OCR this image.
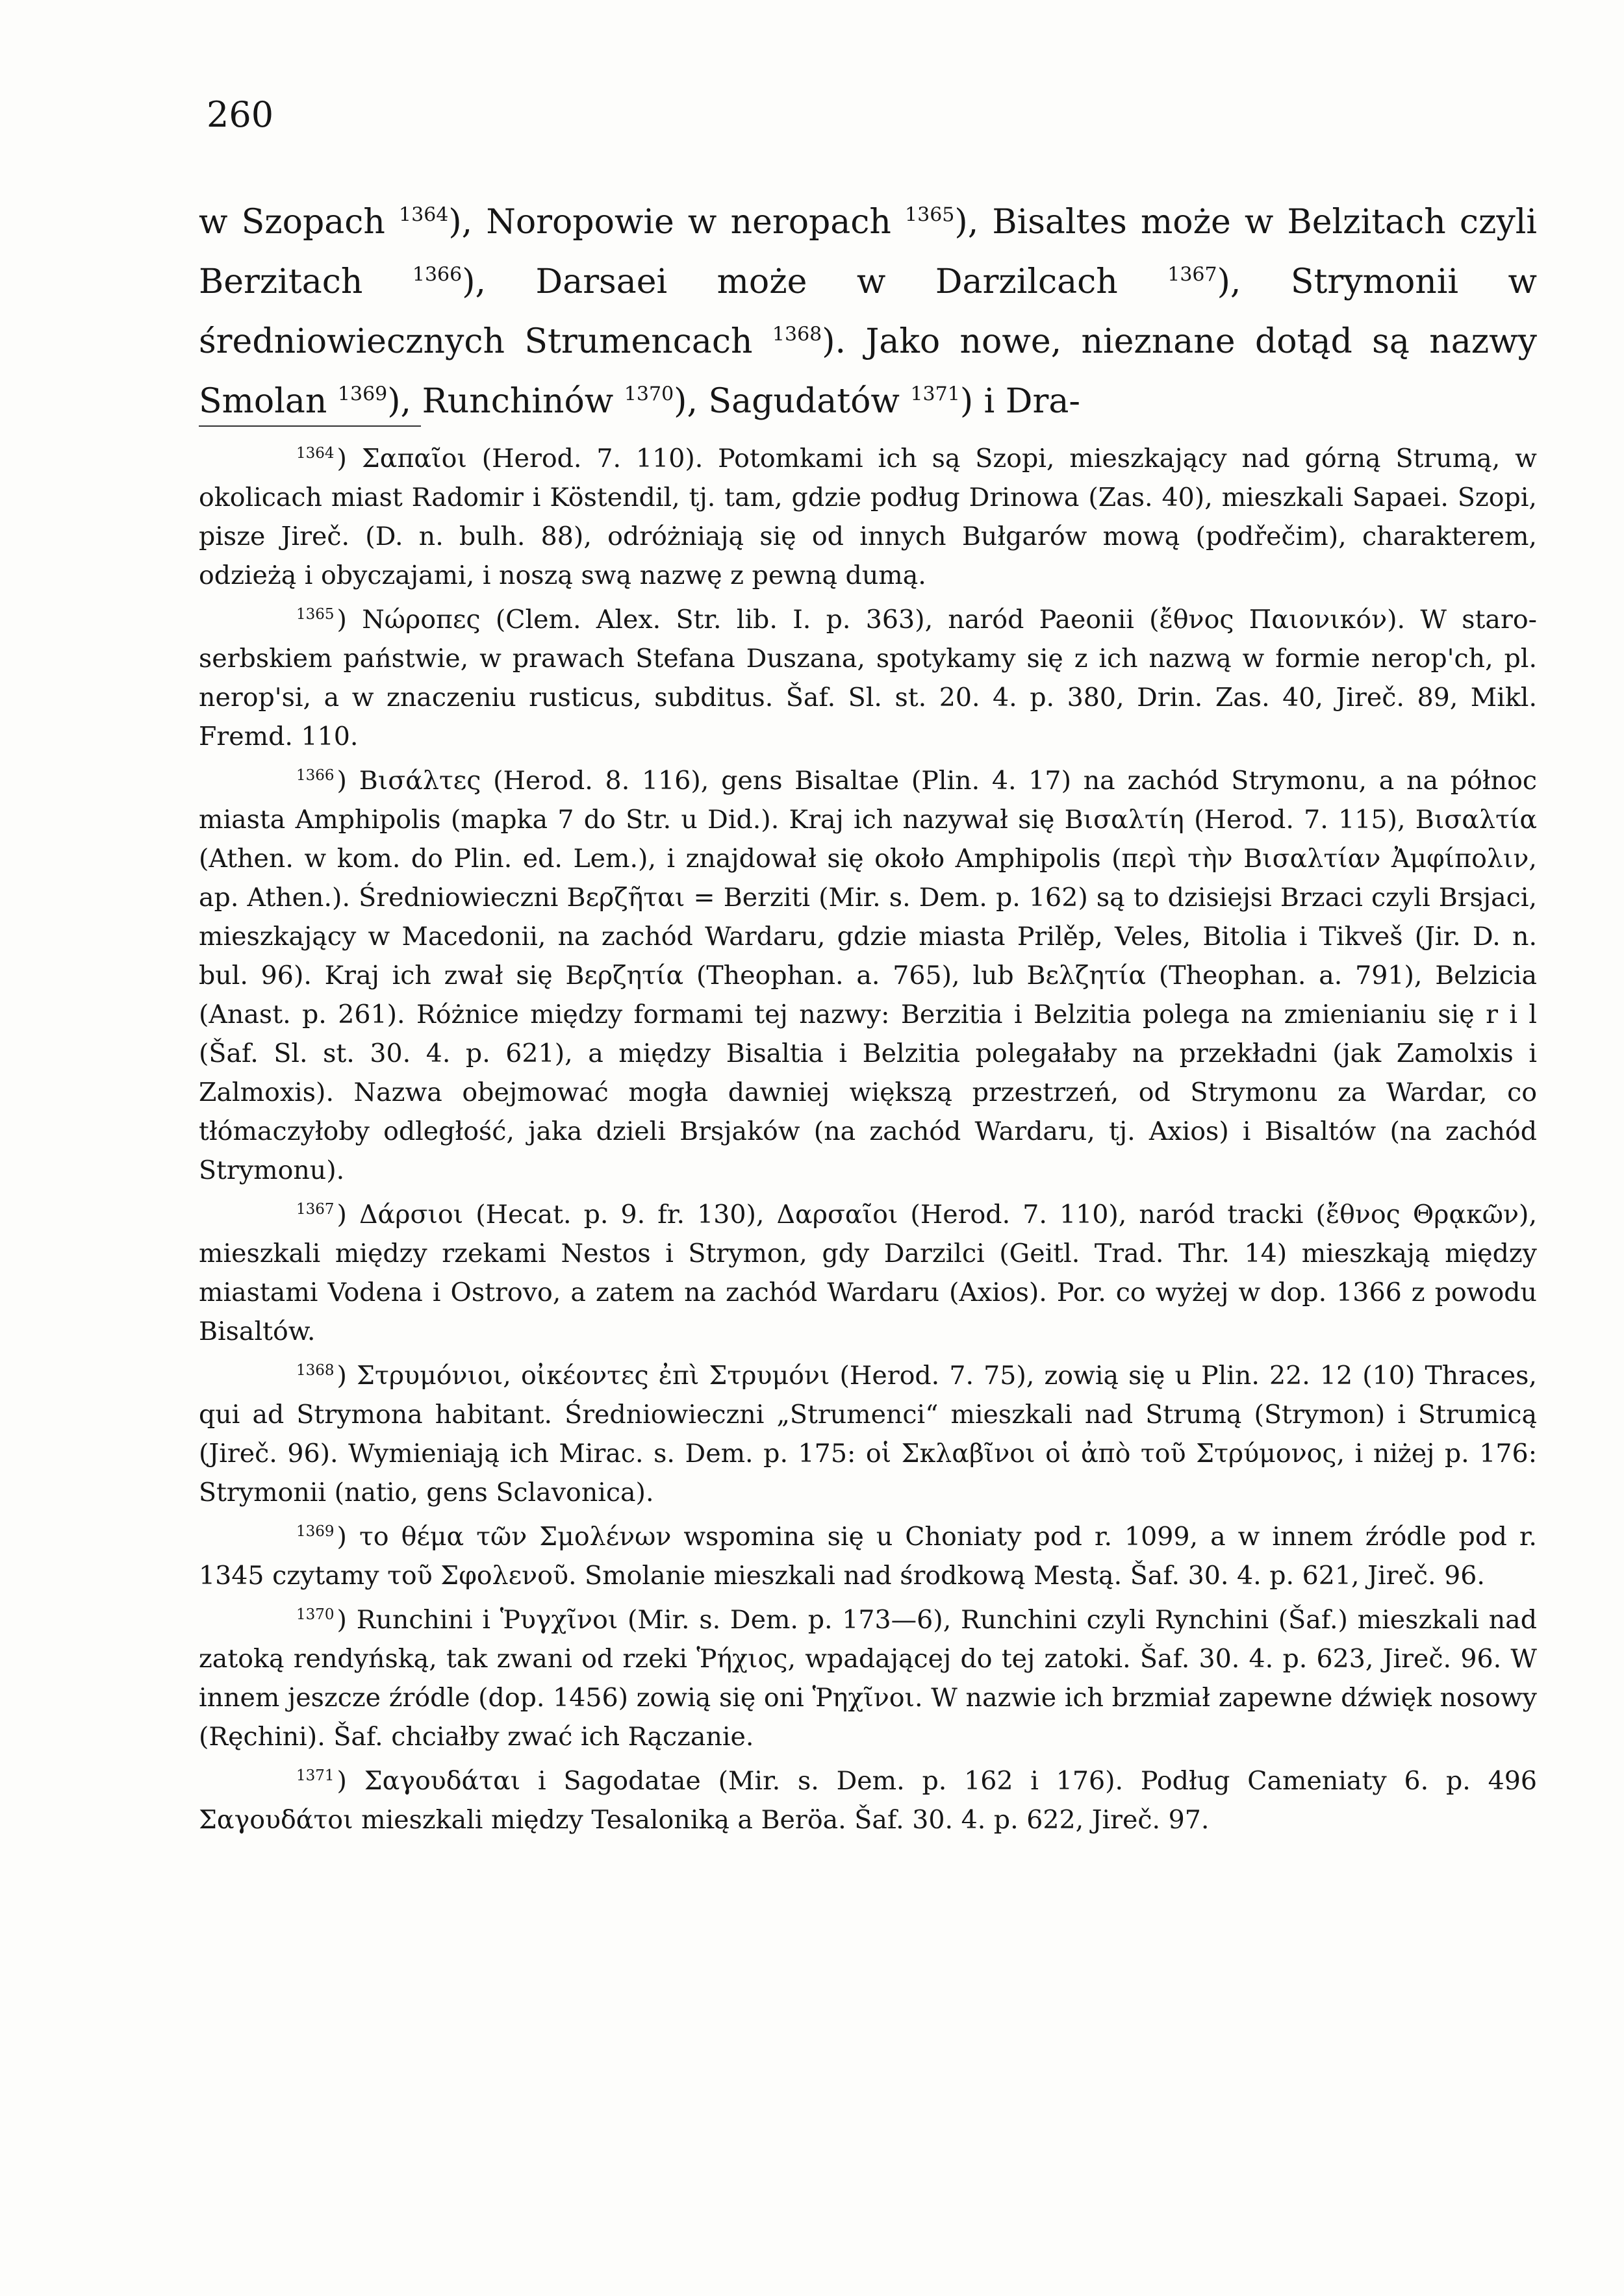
260

w Szopach $^{1364}$), Noropowie w neropach $^{1365}$), Bisaltes może w Belzitach czyli Berzitach $^{1366}$), Darsaei może w Darzilcach $^{1367}$), Strymonii w średniowiecznych Strumencach $^{1368}$). Jako nowe, nieznane dotąd są nazwy Smolan $^{1369}$), Runchinów $^{1370}$), Sagudatów $^{1371}$) i Dra-

$^{1364}$ ) Σαπαῖοι (Herod. 7. 110). Potomkami ich są Szopi, mieszkający nad górną Strumą, w okolicach miast Radomir i Köstendil, tj. tam, gdzie podług Drinowa (Zas. 40), mieszkali Sapaei. Szopi, pisze Jireč. (D. n. bulh. 88), odróżniają się od innych Bułgarów mową (podřečim), charakterem, odzieżą i obyczajami, i noszą swą nazwę z pewną dumą.

$^{1365}$ ) Νώροπες (Clem. Alex. Str. lib. I. p. 363), naród Paeonii (ἔθνος Παιονικόν). W staro-serbskiem państwie, w prawach Stefana Duszana, spotykamy się z ich nazwą w formie nerop'ch, pl. nerop'si, a w znaczeniu rusticus, subditus. Šaf. Sl. st. 20. 4. p. 380, Drin. Zas. 40, Jireč. 89, Mikl. Fremd. 110.

$^{1366}$ ) Βισάλτες (Herod. 8. 116), gens Bisaltae (Plin. 4. 17) na zachód Strymonu, a na północ miasta Amphipolis (mapka 7 do Str. u Did.). Kraj ich nazywał się Βισαλτίη (Herod. 7. 115), Βισαλτία (Athen. w kom. do Plin. ed. Lem.), i znajdował się około Amphipolis (περὶ τὴν Βισαλτίαν Ἀμφίπολιν, ap. Athen.). Średniowieczni Βερζῆται = Berziti (Mir. s. Dem. p. 162) są to dzisiejsi Brzaci czyli Brsjaci, mieszkający w Macedonii, na zachód Wardaru, gdzie miasta Prilěp, Veles, Bitolia i Tikveš (Jir. D. n. bul. 96). Kraj ich zwał się Βερζητία (Theophan. a. 765), lub Βελζητία (Theophan. a. 791), Belzicia (Anast. p. 261). Różnice między formami tej nazwy: Berzitia i Belzitia polega na zmienianiu się r i l (Šaf. Sl. st. 30. 4. p. 621), a między Bisaltia i Belzitia polegałaby na przekładni (jak Zamolxis i Zalmoxis). Nazwa obejmować mogła dawniej większą przestrzeń, od Strymonu za Wardar, co tłómaczyłoby odległość, jaka dzieli Brsjaków (na zachód Wardaru, tj. Axios) i Bisaltów (na zachód Strymonu).

$^{1367}$ ) Δάρσιοι (Hecat. p. 9. fr. 130), Δαρσαῖοι (Herod. 7. 110), naród tracki (ἔθνος Θρᾳκῶν), mieszkali między rzekami Nestos i Strymon, gdy Darzilci (Geitl. Trad. Thr. 14) mieszkają między miastami Vodena i Ostrovo, a zatem na zachód Wardaru (Axios). Por. co wyżej w dop. 1366 z powodu Bisaltów.

$^{1368}$ ) Στρυμόνιοι, οἰκέοντες ἐπὶ Στρυμόνι (Herod. 7. 75), zowią się u Plin. 22. 12 (10) Thraces, qui ad Strymona habitant. Średniowieczni „Strumenci“ mieszkali nad Strumą (Strymon) i Strumicą (Jireč. 96). Wymieniają ich Mirac. s. Dem. p. 175: οἱ Σκλαβῖνοι οἱ ἀπὸ τοῦ Στρύμονος, i niżej p. 176: Strymonii (natio, gens Sclavonica).

$^{1369}$ ) το θέμα τῶν Σμολένων wspomina się u Choniaty pod r. 1099, a w innem źródle pod r. 1345 czytamy τοῦ Σφολενοῦ. Smolanie mieszkali nad środkową Mestą. Šaf. 30. 4. p. 621, Jireč. 96.

$^{1370}$ ) Runchini i Ῥυγχῖνοι (Mir. s. Dem. p. 173—6), Runchini czyli Rynchini (Šaf.) mieszkali nad zatoką rendyńską, tak zwani od rzeki Ῥήχιος, wpadającej do tej zatoki. Šaf. 30. 4. p. 623, Jireč. 96. W innem jeszcze źródle (dop. 1456) zowią się oni Ῥηχῖνοι. W nazwie ich brzmiał zapewne dźwięk nosowy (Ręchini). Šaf. chciałby zwać ich Rączanie.

$^{1371}$ ) Σαγουδάται i Sagodatae (Mir. s. Dem. p. 162 i 176). Podług Cameniaty 6. p. 496 Σαγουδάτοι mieszkali między Tesaloniką a Beröa. Šaf. 30. 4. p. 622, Jireč. 97.
